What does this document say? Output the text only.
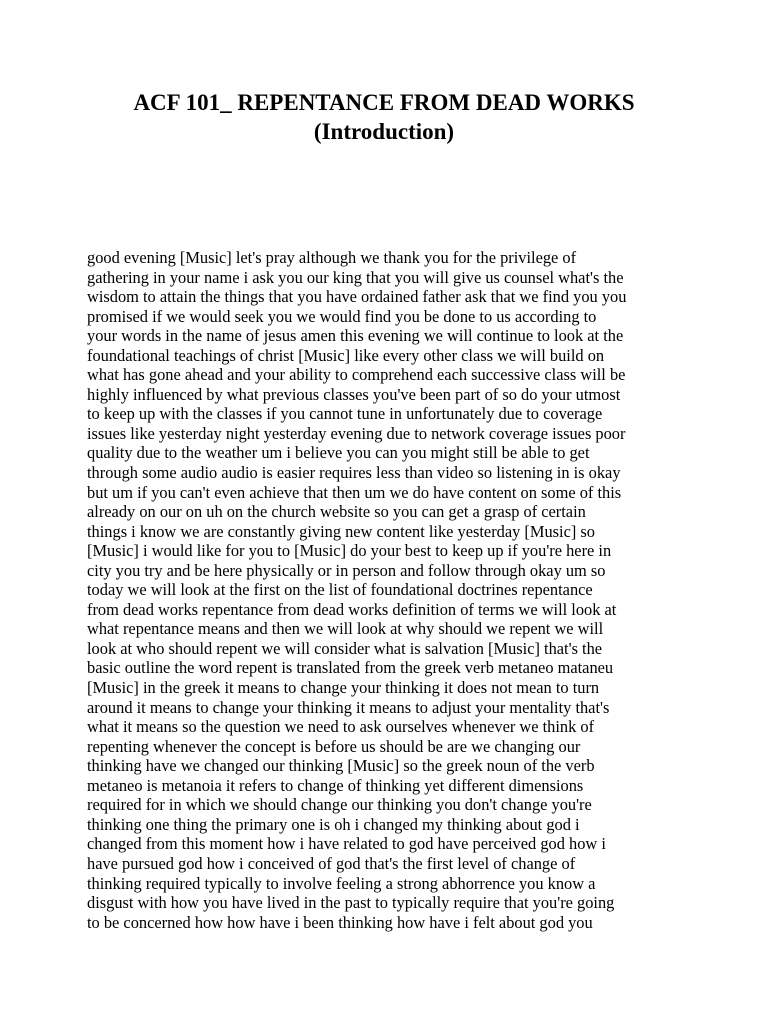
ACF 101_ REPENTANCE FROM DEAD WORKS
(Introduction)
good evening [Music] let's pray although we thank you for the privilege of
gathering in your name i ask you our king that you will give us counsel what's the
wisdom to attain the things that you have ordained father ask that we find you you
promised if we would seek you we would find you be done to us according to
your words in the name of jesus amen this evening we will continue to look at the
foundational teachings of christ [Music] like every other class we will build on
what has gone ahead and your ability to comprehend each successive class will be
highly influenced by what previous classes you've been part of so do your utmost
to keep up with the classes if you cannot tune in unfortunately due to coverage
issues like yesterday night yesterday evening due to network coverage issues poor
quality due to the weather um i believe you can you might still be able to get
through some audio audio is easier requires less than video so listening in is okay
but um if you can't even achieve that then um we do have content on some of this
already on our on uh on the church website so you can get a grasp of certain
things i know we are constantly giving new content like yesterday [Music] so
[Music] i would like for you to [Music] do your best to keep up if you're here in
city you try and be here physically or in person and follow through okay um so
today we will look at the first on the list of foundational doctrines repentance
from dead works repentance from dead works definition of terms we will look at
what repentance means and then we will look at why should we repent we will
look at who should repent we will consider what is salvation [Music] that's the
basic outline the word repent is translated from the greek verb metaneo mataneu
[Music] in the greek it means to change your thinking it does not mean to turn
around it means to change your thinking it means to adjust your mentality that's
what it means so the question we need to ask ourselves whenever we think of
repenting whenever the concept is before us should be are we changing our
thinking have we changed our thinking [Music] so the greek noun of the verb
metaneo is metanoia it refers to change of thinking yet different dimensions
required for in which we should change our thinking you don't change you're
thinking one thing the primary one is oh i changed my thinking about god i
changed from this moment how i have related to god have perceived god how i
have pursued god how i conceived of god that's the first level of change of
thinking required typically to involve feeling a strong abhorrence you know a
disgust with how you have lived in the past to typically require that you're going
to be concerned how how have i been thinking how have i felt about god you
